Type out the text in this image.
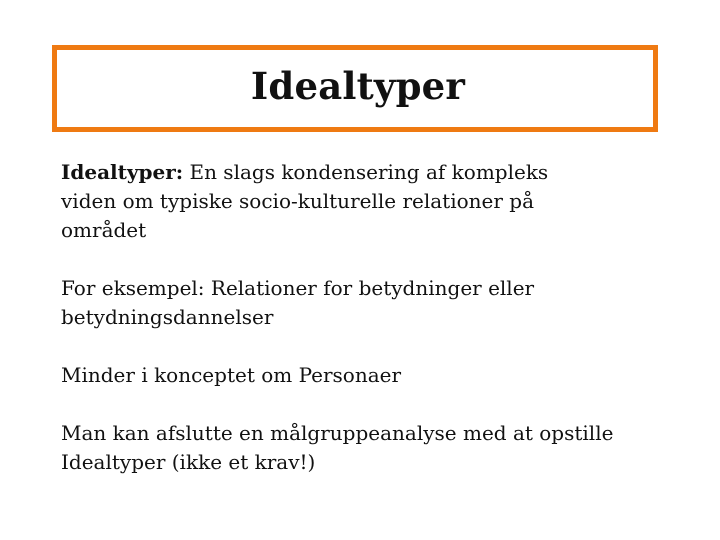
Idealtyper

Idealtyper: En slags kondensering af kompleks
viden om typiske socio-kulturelle relationer på
området

For eksempel: Relationer for betydninger eller
betydningsdannelser

Minder i konceptet om Personaer

Man kan afslutte en målgruppeanalyse med at opstille
Idealtyper (ikke et krav!)
